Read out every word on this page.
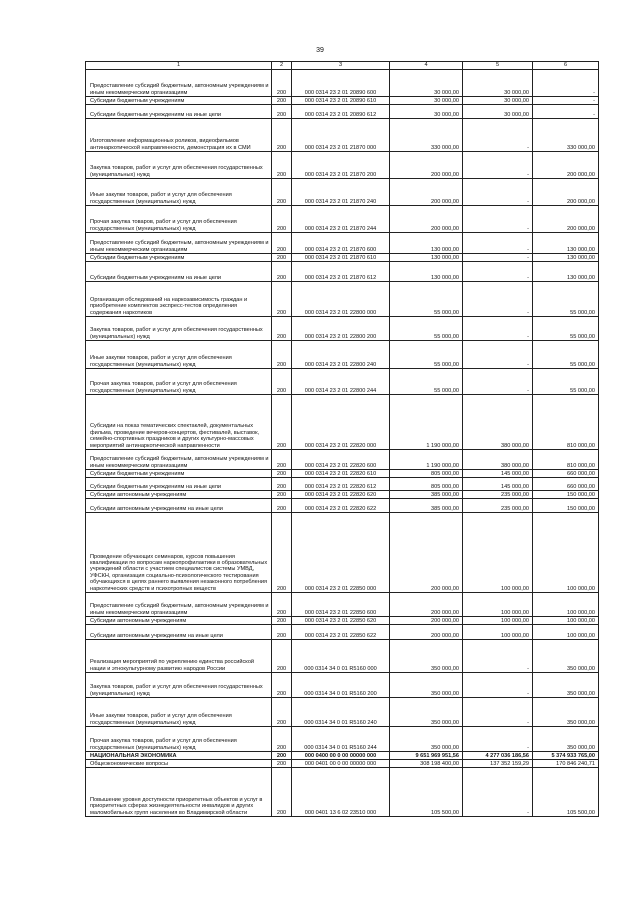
39
1	2	3	4	5	6
Предоставление субсидий бюджетным, автономным учреждениям и иным некоммерческим организациям	200	000 0314 23 2 01 20890 600	30 000,00	30 000,00	-
Субсидии бюджетным учреждениям	200	000 0314 23 2 01 20890 610	30 000,00	30 000,00	-
Субсидии бюджетным учреждениям на иные цели	200	000 0314 23 2 01 20890 612	30 000,00	30 000,00	-
Изготовление информационных роликов, видеофильмов антинаркотической направленности, демонстрация их в СМИ	200	000 0314 23 2 01 21870 000	330 000,00	-	330 000,00
Закупка товаров, работ и услуг для обеспечения государственных (муниципальных) нужд	200	000 0314 23 2 01 21870 200	200 000,00	-	200 000,00
Иные закупки товаров, работ и услуг для обеспечения государственных (муниципальных) нужд	200	000 0314 23 2 01 21870 240	200 000,00	-	200 000,00
Прочая закупка товаров, работ и услуг для обеспечения государственных (муниципальных) нужд	200	000 0314 23 2 01 21870 244	200 000,00	-	200 000,00
Предоставление субсидий бюджетным, автономным учреждениям и иным некоммерческим организациям	200	000 0314 23 2 01 21870 600	130 000,00	-	130 000,00
Субсидии бюджетным учреждениям	200	000 0314 23 2 01 21870 610	130 000,00	-	130 000,00
Субсидии бюджетным учреждениям на иные цели	200	000 0314 23 2 01 21870 612	130 000,00	-	130 000,00
Организация обследований на наркозависимость граждан и приобретение комплектов экспресс-тестов определения содержания наркотиков	200	000 0314 23 2 01 22800 000	55 000,00	-	55 000,00
Закупка товаров, работ и услуг для обеспечения государственных (муниципальных) нужд	200	000 0314 23 2 01 22800 200	55 000,00	-	55 000,00
Иные закупки товаров, работ и услуг для обеспечения государственных (муниципальных) нужд	200	000 0314 23 2 01 22800 240	55 000,00	-	55 000,00
Прочая закупка товаров, работ и услуг для обеспечения государственных (муниципальных) нужд	200	000 0314 23 2 01 22800 244	55 000,00	-	55 000,00
Субсидии на показ тематических спектаклей, документальных фильма, проведение вечеров-концертов, фестивалей, выставок, семейно-спортивных праздников и других культурно-массовых мероприятий антинаркотической направленности	200	000 0314 23 2 01 22820 000	1 190 000,00	380 000,00	810 000,00
Предоставление субсидий бюджетным, автономным учреждениям и иным некоммерческим организациям	200	000 0314 23 2 01 22820 600	1 190 000,00	380 000,00	810 000,00
Субсидии бюджетным учреждениям	200	000 0314 23 2 01 22820 610	805 000,00	145 000,00	660 000,00
Субсидии бюджетным учреждениям на иные цели	200	000 0314 23 2 01 22820 612	805 000,00	145 000,00	660 000,00
Субсидии автономным учреждениям	200	000 0314 23 2 01 22820 620	385 000,00	235 000,00	150 000,00
Субсидии автономным учреждениям на иные цели	200	000 0314 23 2 01 22820 622	385 000,00	235 000,00	150 000,00
Проведение обучающих семинаров, курсов повышения квалификации по вопросам наркопрофилактики в образовательных учреждений области с участием специалистов системы УМВД, УФСКН, организация социально-психологического тестирования обучающихся в целях раннего выявления незаконного потребления наркотических средств и психотропных веществ	200	000 0314 23 2 01 22850 000	200 000,00	100 000,00	100 000,00
Предоставление субсидий бюджетным, автономным учреждениям и иным некоммерческим организациям	200	000 0314 23 2 01 22850 600	200 000,00	100 000,00	100 000,00
Субсидии автономным учреждениям	200	000 0314 23 2 01 22850 620	200 000,00	100 000,00	100 000,00
Субсидии автономным учреждениям на иные цели	200	000 0314 23 2 01 22850 622	200 000,00	100 000,00	100 000,00
Реализация мероприятий по укреплению единства российской нации и этнокультурному развитию народов России	200	000 0314 34 0 01 R5160 000	350 000,00	-	350 000,00
Закупка товаров, работ и услуг для обеспечения государственных (муниципальных) нужд	200	000 0314 34 0 01 R5160 200	350 000,00	-	350 000,00
Иные закупки товаров, работ и услуг для обеспечения государственных (муниципальных) нужд	200	000 0314 34 0 01 R5160 240	350 000,00	-	350 000,00
Прочая закупка товаров, работ и услуг для обеспечения государственных (муниципальных) нужд	200	000 0314 34 0 01 R5160 244	350 000,00	-	350 000,00
НАЦИОНАЛЬНАЯ ЭКОНОМИКА	200	000 0400 00 0 00 00000 000	9 651 969 951,56	4 277 036 186,56	5 374 933 765,00
Общеэкономические вопросы	200	000 0401 00 0 00 00000 000	308 198 400,00	137 352 159,29	170 846 240,71
Повышение уровня доступности приоритетных объектов и услуг в приоритетных сферах жизнедеятельности инвалидов и других маломобильных групп населения во Владимирской области	200	000 0401 13 6 02 23510 000	105 500,00	-	105 500,00
